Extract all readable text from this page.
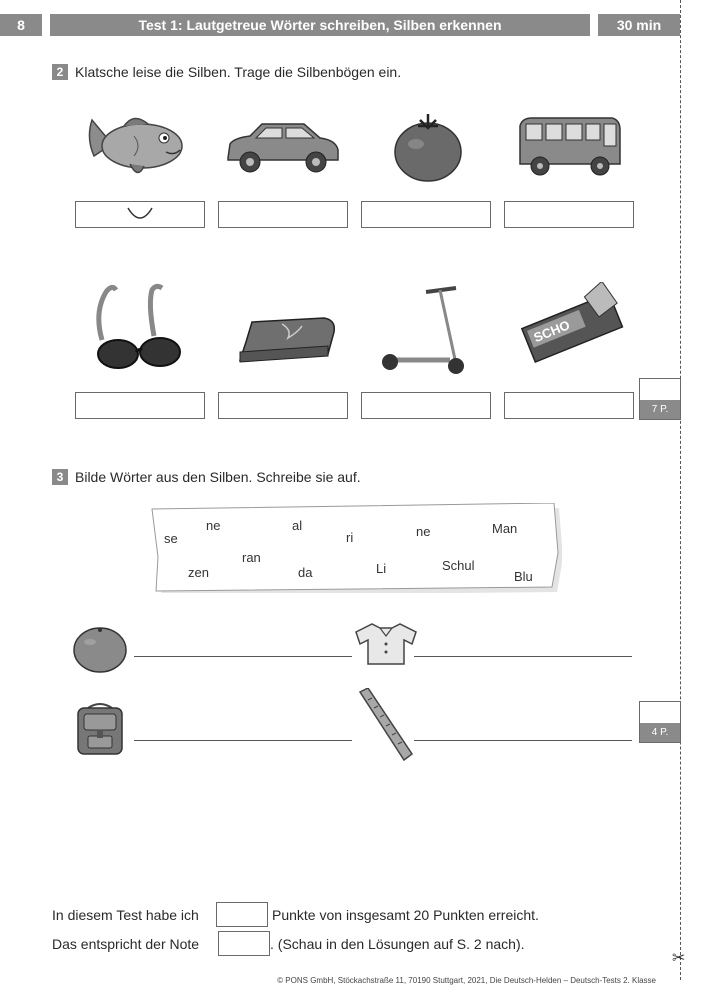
8	Test 1: Lautgetreue Wörter schreiben, Silben erkennen	30 min
✂
2 Klatsche leise die Silben. Trage die Silbenbögen ein.
SCHO
7 P.
3 Bilde Wörter aus den Silben. Schreibe sie auf.
se
ne	al
ri	ne	Man
ran
zen	da	Li	Schul
Blu
4 P.
In diesem Test habe ich	Punkte von insgesamt 20 Punkten erreicht.
Das entspricht der Note	. (Schau in den Lösungen auf S. 2 nach).
© PONS GmbH, Stöckachstraße 11, 70190 Stuttgart, 2021, Die Deutsch-Helden – Deutsch-Tests 2. Klasse
